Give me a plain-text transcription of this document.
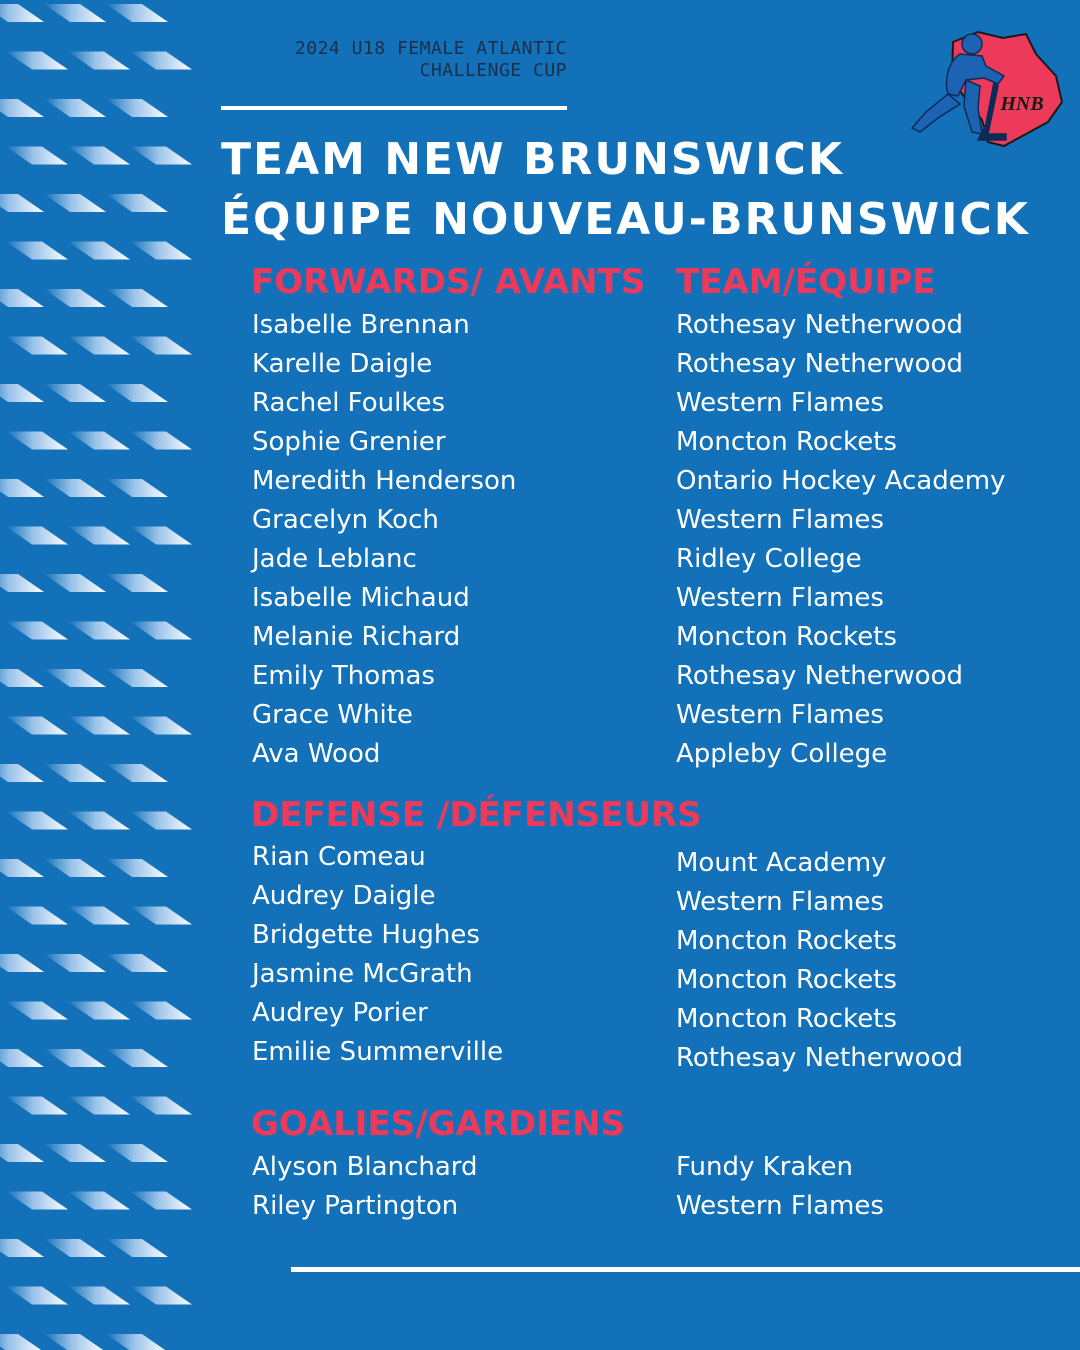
2024 U18 FEMALE ATLANTIC
CHALLENGE CUP
HNB
TEAM NEW BRUNSWICK
ÉQUIPE NOUVEAU-BRUNSWICK
FORWARDS/ AVANTS TEAM/ÉQUIPE
Isabelle Brennan
Karelle Daigle
Rachel Foulkes
Sophie Grenier
Meredith Henderson
Gracelyn Koch
Jade Leblanc
Isabelle Michaud
Melanie Richard
Emily Thomas
Grace White
Ava Wood
Rothesay Netherwood
Rothesay Netherwood
Western Flames
Moncton Rockets
Ontario Hockey Academy
Western Flames
Ridley College
Western Flames
Moncton Rockets
Rothesay Netherwood
Western Flames
Appleby College
DEFENSE /DÉFENSEURS
Rian Comeau
Audrey Daigle
Bridgette Hughes
Jasmine McGrath
Audrey Porier
Emilie Summerville
Mount Academy
Western Flames
Moncton Rockets
Moncton Rockets
Moncton Rockets
Rothesay Netherwood
GOALIES/GARDIENS
Alyson Blanchard
Riley Partington
Fundy Kraken
Western Flames
